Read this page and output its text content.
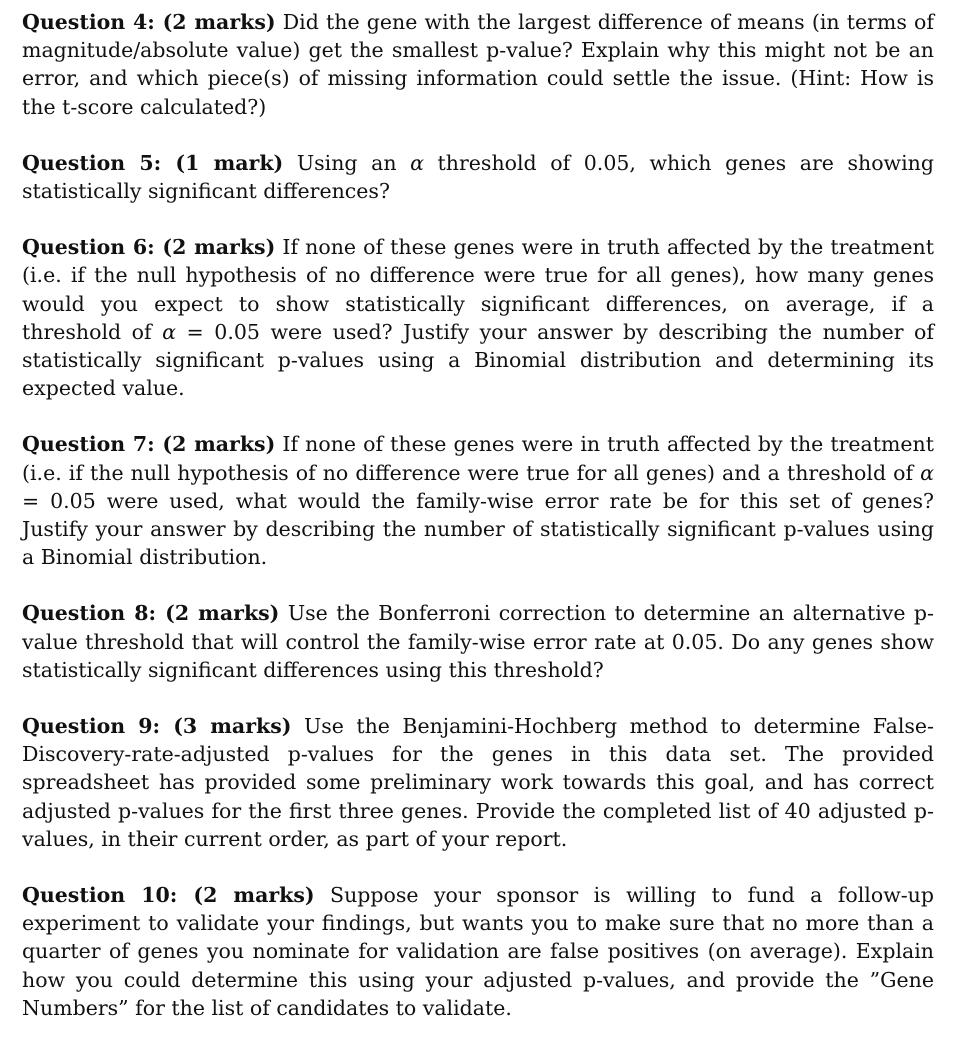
Question 4: (2 marks) Did the gene with the largest difference of means (in terms of magnitude/absolute value) get the smallest p-value? Explain why this might not be an error, and which piece(s) of missing information could settle the issue. (Hint: How is the t-score calculated?)

Question 5: (1 mark) Using an α threshold of 0.05, which genes are showing statistically significant differences?

Question 6: (2 marks) If none of these genes were in truth affected by the treatment (i.e. if the null hypothesis of no difference were true for all genes), how many genes would you expect to show statistically significant differences, on average, if a threshold of α = 0.05 were used? Justify your answer by describing the number of statistically significant p-values using a Binomial distribution and determining its expected value.

Question 7: (2 marks) If none of these genes were in truth affected by the treatment (i.e. if the null hypothesis of no difference were true for all genes) and a threshold of α = 0.05 were used, what would the family-wise error rate be for this set of genes? Justify your answer by describing the number of statistically significant p-values using a Binomial distribution.

Question 8: (2 marks) Use the Bonferroni correction to determine an alternative p-value threshold that will control the family-wise error rate at 0.05. Do any genes show statistically significant differences using this threshold?

Question 9: (3 marks) Use the Benjamini-Hochberg method to determine False-Discovery-rate-adjusted p-values for the genes in this data set. The provided spreadsheet has provided some preliminary work towards this goal, and has correct adjusted p-values for the first three genes. Provide the completed list of 40 adjusted p-values, in their current order, as part of your report.

Question 10: (2 marks) Suppose your sponsor is willing to fund a follow-up experiment to validate your findings, but wants you to make sure that no more than a quarter of genes you nominate for validation are false positives (on average). Explain how you could determine this using your adjusted p-values, and provide the ”Gene Numbers” for the list of candidates to validate.
